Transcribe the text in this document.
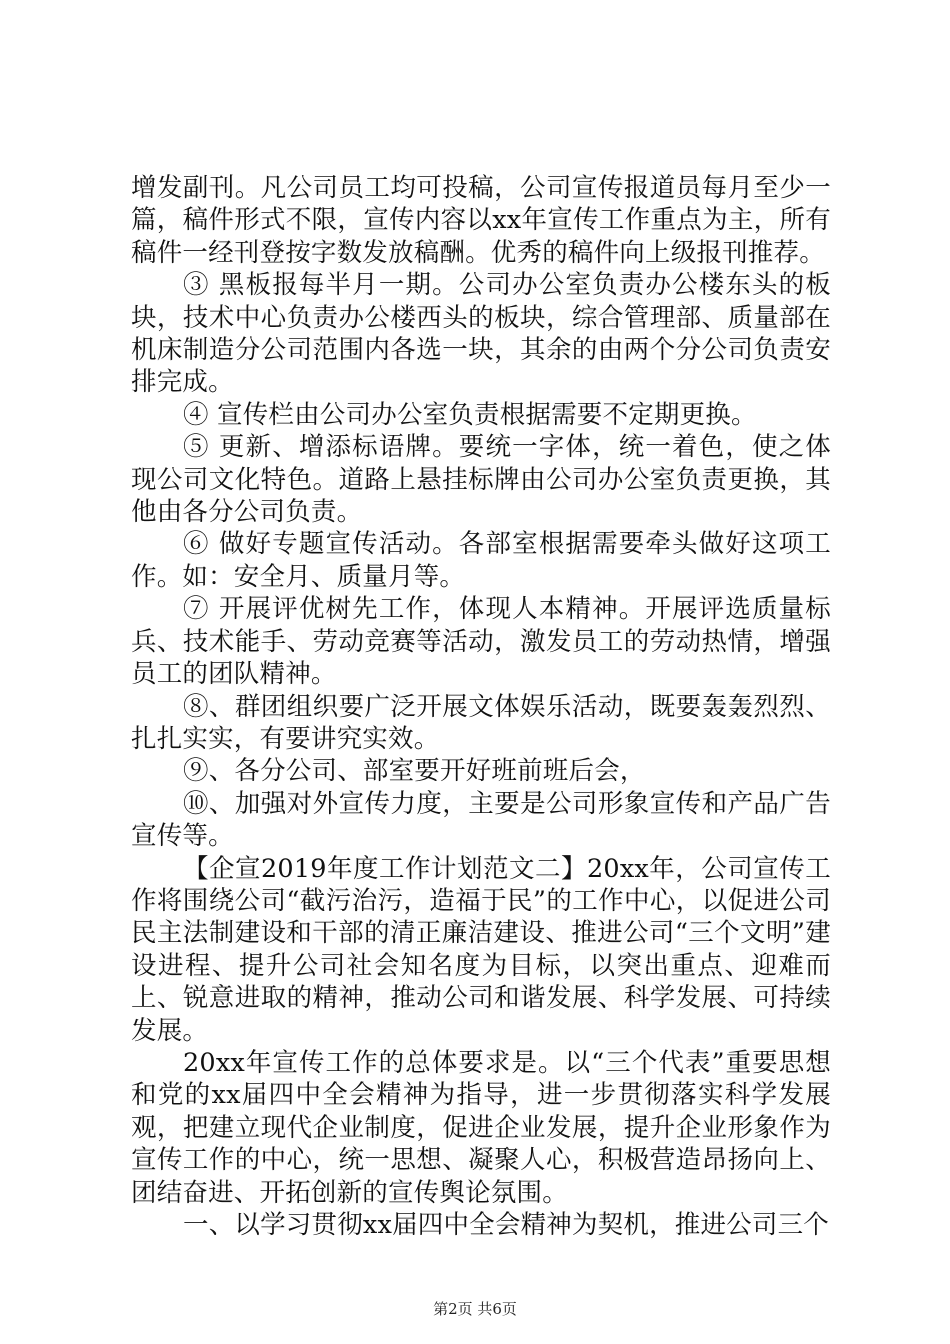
增发副刊。凡公司员工均可投稿，公司宣传报道员每月至少一篇，稿件形式不限，宣传内容以xx年宣传工作重点为主，所有稿件一经刊登按字数发放稿酬。优秀的稿件向上级报刊推荐。

③ 黑板报每半月一期。公司办公室负责办公楼东头的板块，技术中心负责办公楼西头的板块，综合管理部、质量部在机床制造分公司范围内各选一块，其余的由两个分公司负责安排完成。

④ 宣传栏由公司办公室负责根据需要不定期更换。

⑤ 更新、增添标语牌。要统一字体，统一着色，使之体现公司文化特色。道路上悬挂标牌由公司办公室负责更换，其他由各分公司负责。

⑥ 做好专题宣传活动。各部室根据需要牵头做好这项工作。如：安全月、质量月等。

⑦ 开展评优树先工作，体现人本精神。开展评选质量标兵、技术能手、劳动竞赛等活动，激发员工的劳动热情，增强员工的团队精神。

⑧、群团组织要广泛开展文体娱乐活动，既要轰轰烈烈、扎扎实实，有要讲究实效。

⑨、各分公司、部室要开好班前班后会，

⑩、加强对外宣传力度，主要是公司形象宣传和产品广告宣传等。

【企宣2019年度工作计划范文二】20xx年，公司宣传工作将围绕公司“截污治污，造福于民”的工作中心，以促进公司民主法制建设和干部的清正廉洁建设、推进公司“三个文明”建设进程、提升公司社会知名度为目标，以突出重点、迎难而上、锐意进取的精神，推动公司和谐发展、科学发展、可持续发展。

20xx年宣传工作的总体要求是。以“三个代表”重要思想和党的xx届四中全会精神为指导，进一步贯彻落实科学发展观，把建立现代企业制度，促进企业发展，提升企业形象作为宣传工作的中心，统一思想、凝聚人心，积极营造昂扬向上、团结奋进、开拓创新的宣传舆论氛围。

一、以学习贯彻xx届四中全会精神为契机，推进公司三个

第2页 共6页
